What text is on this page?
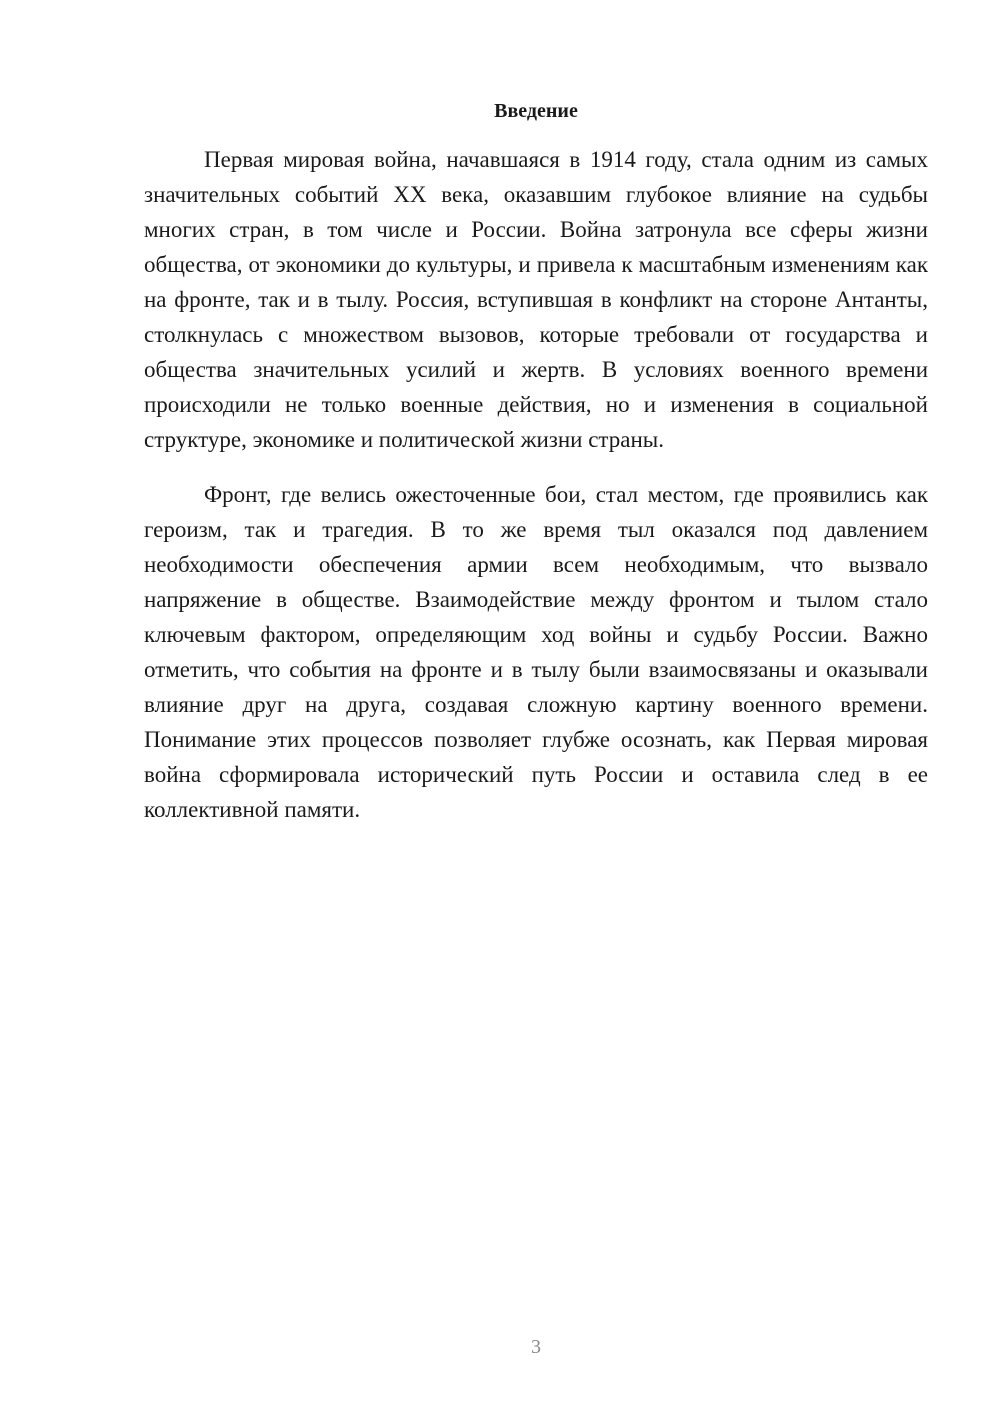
Введение

Первая мировая война, начавшаяся в 1914 году, стала одним из самых значительных событий XX века, оказавшим глубокое влияние на судьбы многих стран, в том числе и России. Война затронула все сферы жизни общества, от экономики до культуры, и привела к масштабным изменениям как на фронте, так и в тылу. Россия, вступившая в конфликт на стороне Антанты, столкнулась с множеством вызовов, которые требовали от государства и общества значительных усилий и жертв. В условиях военного времени происходили не только военные действия, но и изменения в социальной структуре, экономике и политической жизни страны.

Фронт, где велись ожесточенные бои, стал местом, где проявились как героизм, так и трагедия. В то же время тыл оказался под давлением необходимости обеспечения армии всем необходимым, что вызвало напряжение в обществе. Взаимодействие между фронтом и тылом стало ключевым фактором, определяющим ход войны и судьбу России. Важно отметить, что события на фронте и в тылу были взаимосвязаны и оказывали влияние друг на друга, создавая сложную картину военного времени. Понимание этих процессов позволяет глубже осознать, как Первая мировая война сформировала исторический путь России и оставила след в ее коллективной памяти.

3
